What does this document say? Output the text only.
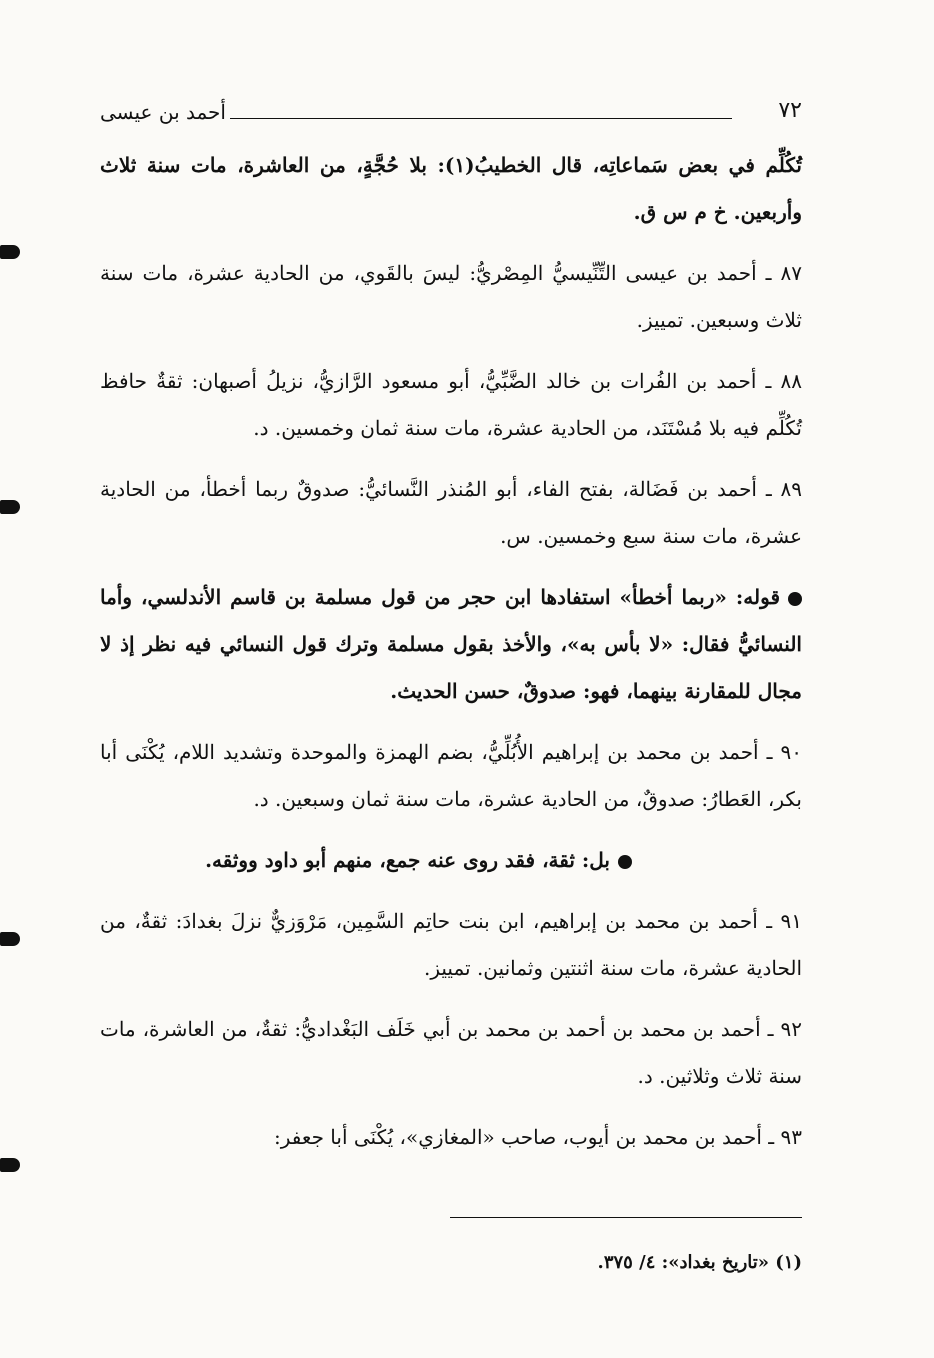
٧٢
أحمد بن عيسى

تُكُلِّم في بعض سَماعاتِه، قال الخطيبُ(١): بلا حُجَّةٍ، من العاشرة، مات سنة ثلاث وأربعين. خ م س ق.

٨٧ ـ أحمد بن عيسى التِّنِّيسيُّ المِصْريُّ: ليسَ بالقَوي، من الحادية عشرة، مات سنة ثلاث وسبعين. تمييز.

٨٨ ـ أحمد بن الفُرات بن خالد الضَّبِّيُّ، أبو مسعود الرَّازيُّ، نزيلُ أصبهان: ثقةٌ حافظ تُكُلِّم فيه بلا مُسْتَنَد، من الحادية عشرة، مات سنة ثمان وخمسين. د.

٨٩ ـ أحمد بن فَضَالة، بفتح الفاء، أبو المُنذر النَّسائيُّ: صدوقٌ ربما أخطأ، من الحادية عشرة، مات سنة سبع وخمسين. س.

قوله: «ربما أخطأ» استفادها ابن حجر من قول مسلمة بن قاسم الأندلسي، وأما النسائيُّ فقال: «لا بأس به»، والأخذ بقول مسلمة وترك قول النسائي فيه نظر إذ لا مجال للمقارنة بينهما، فهو: صدوقٌ، حسن الحديث.

٩٠ ـ أحمد بن محمد بن إبراهيم الأُبُلِّيُّ، بضم الهمزة والموحدة وتشديد اللام، يُكْنَى أبا بكر، العَطارُ: صدوقٌ، من الحادية عشرة، مات سنة ثمان وسبعين. د.

بل: ثقة، فقد روى عنه جمع، منهم أبو داود ووثقه.

٩١ ـ أحمد بن محمد بن إبراهيم، ابن بنت حاتِم السَّمِين، مَرْوَزيٌّ نزلَ بغدادَ: ثقةٌ، من الحادية عشرة، مات سنة اثنتين وثمانين. تمييز.

٩٢ ـ أحمد بن محمد بن أحمد بن محمد بن أبي خَلَف البَغْداديُّ: ثقةٌ، من العاشرة، مات سنة ثلاث وثلاثين. د.

٩٣ ـ أحمد بن محمد بن أيوب، صاحب «المغازي»، يُكْنَى أبا جعفر:

(١) «تاريخ بغداد»: ٤/ ٣٧٥.
